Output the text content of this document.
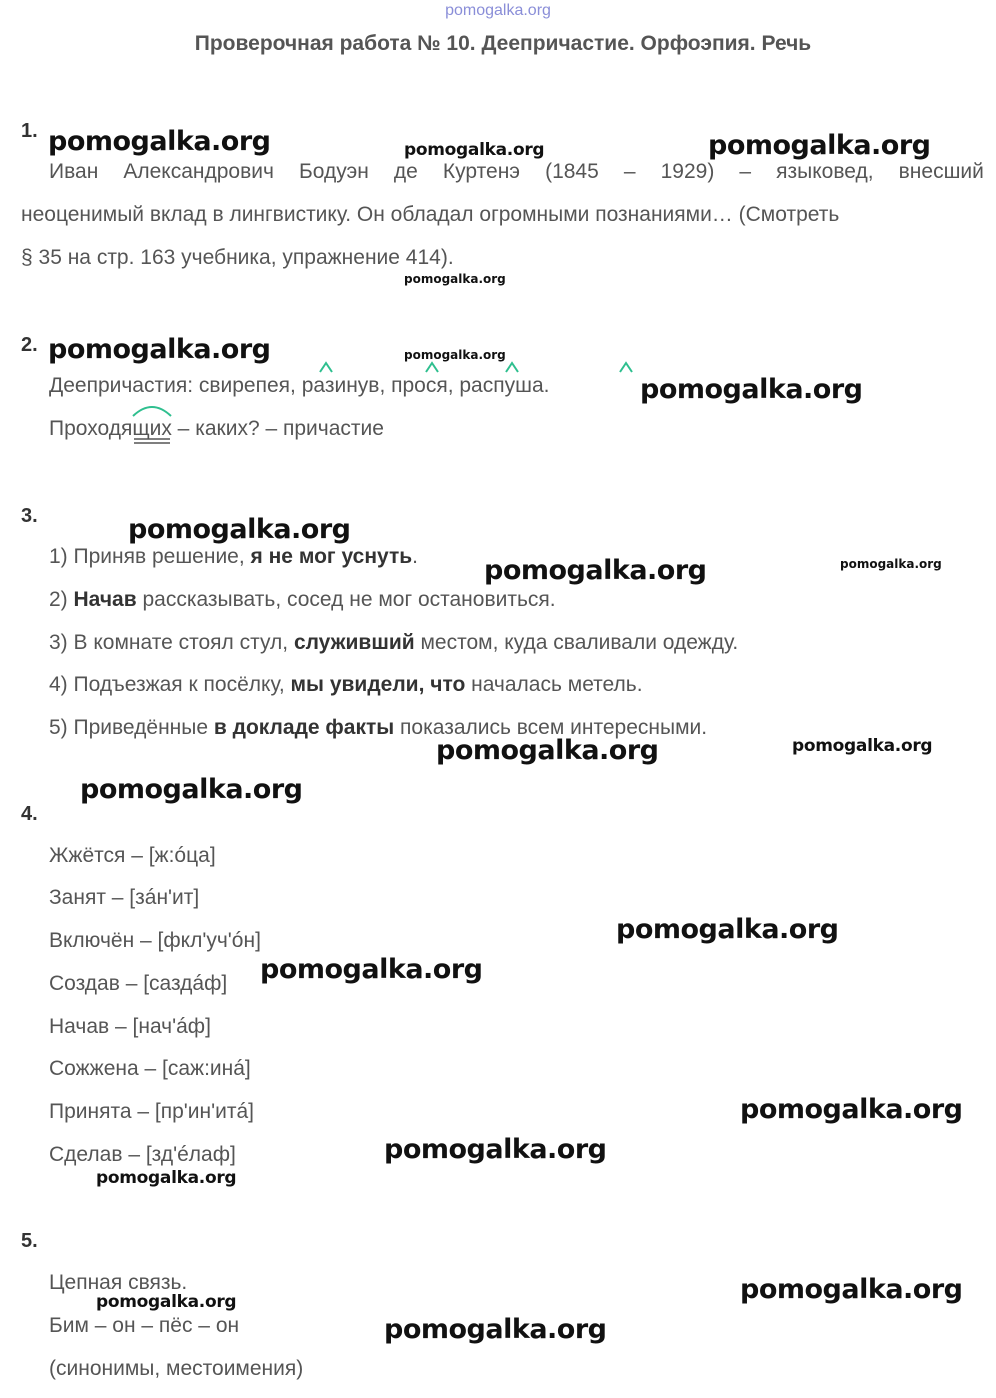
pomogalka.org
Проверочная работа № 10. Деепричастие. Орфоэпия. Речь
1.
Иван Александрович Бодуэн де Куртенэ (1845 – 1929) – языковед, внесший
неоценимый вклад в лингвистику. Он обладал огромными познаниями… (Смотреть
§ 35 на стр. 163 учебника, упражнение 414).
2.
Деепричастия: свирепея, разинув, прося, распуша.
Проходящих – каких? – причастие
3.
1) Приняв решение, я не мог уснуть.
2) Начав рассказывать, сосед не мог остановиться.
3) В комнате стоял стул, служивший местом, куда сваливали одежду.
4) Подъезжая к посёлку, мы увидели, что началась метель.
5) Приведённые в докладе факты показались всем интересными.
4.
Жжётся – [ж:óца]
Занят – [зáн'ит]
Включён – [фкл'уч'óн]
Создав – [саздáф]
Начав – [нач'áф]
Сожжена – [саж:инá]
Принята – [пр'ин'итá]
Сделав – [зд'éлаф]
5.
Цепная связь.
Бим – он – пёс – он
(синонимы, местоимения)
pomogalka.org	pomogalka.org	pomogalka.org
pomogalka.org
pomogalka.org	pomogalka.org
pomogalka.org
pomogalka.org
pomogalka.org	pomogalka.org
pomogalka.org	pomogalka.org
pomogalka.org
pomogalka.org
pomogalka.org
pomogalka.org
pomogalka.org
pomogalka.org
pomogalka.org
pomogalka.org
pomogalka.org
